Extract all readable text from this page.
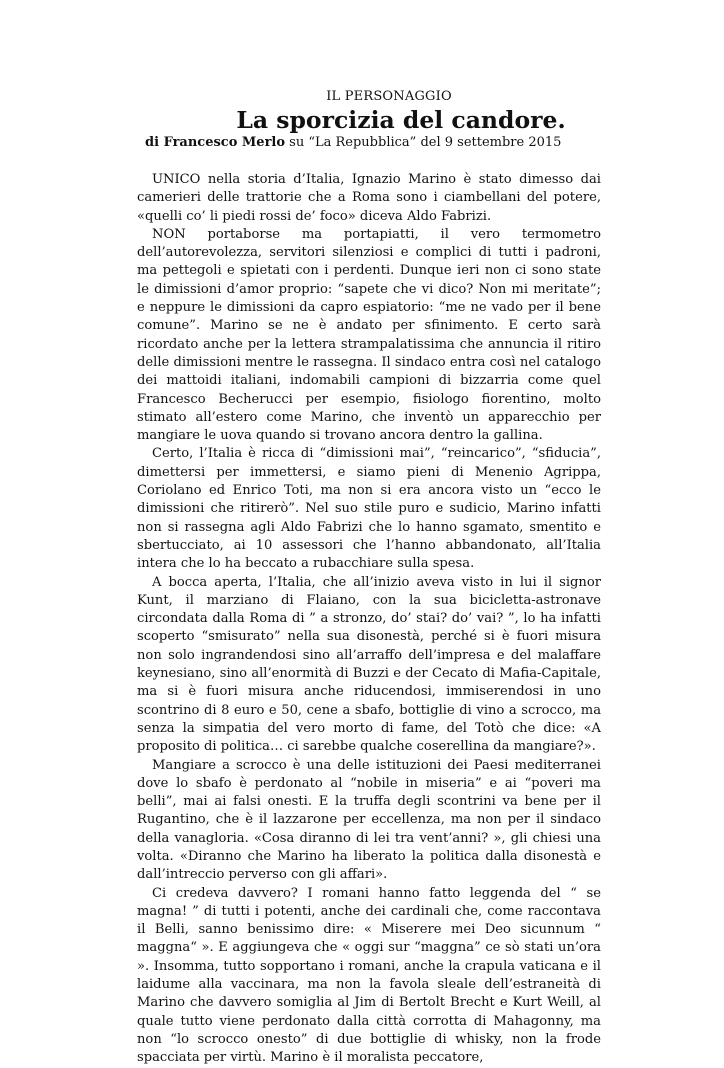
IL PERSONAGGIO
La sporcizia del candore.
di Francesco Merlo su “La Repubblica” del 9 settembre 2015

UNICO nella storia d’Italia, Ignazio Marino è stato dimesso dai camerieri delle trattorie che a Roma sono i ciambellani del potere, «quelli co’ li piedi rossi de’ foco» diceva Aldo Fabrizi.

NON portaborse ma portapiatti, il vero termometro dell’autorevolezza, servitori silenziosi e complici di tutti i padroni, ma pettegoli e spietati con i perdenti. Dunque ieri non ci sono state le dimissioni d’amor proprio: “sapete che vi dico? Non mi meritate”; e neppure le dimissioni da capro espiatorio: “me ne vado per il bene comune”. Marino se ne è andato per sfinimento. E certo sarà ricordato anche per la lettera strampalatissima che annuncia il ritiro delle dimissioni mentre le rassegna. Il sindaco entra così nel catalogo dei mattoidi italiani, indomabili campioni di bizzarria come quel Francesco Becherucci per esempio, fisiologo fiorentino, molto stimato all’estero come Marino, che inventò un apparecchio per mangiare le uova quando si trovano ancora dentro la gallina.

Certo, l’Italia è ricca di “dimissioni mai”, “reincarico”, “sfiducia”, dimettersi per immettersi, e siamo pieni di Menenio Agrippa, Coriolano ed Enrico Toti, ma non si era ancora visto un “ecco le dimissioni che ritirerò”. Nel suo stile puro e sudicio, Marino infatti non si rassegna agli Aldo Fabrizi che lo hanno sgamato, smentito e sbertucciato, ai 10 assessori che l’hanno abbandonato, all’Italia intera che lo ha beccato a rubacchiare sulla spesa.

A bocca aperta, l’Italia, che all’inizio aveva visto in lui il signor Kunt, il marziano di Flaiano, con la sua bicicletta-astronave circondata dalla Roma di ” a stronzo, do’ stai? do’ vai? ”, lo ha infatti scoperto “smisurato” nella sua disonestà, perché si è fuori misura non solo ingrandendosi sino all’arraffo dell’impresa e del malaffare keynesiano, sino all’enormità di Buzzi e der Cecato di Mafia-Capitale, ma si è fuori misura anche riducendosi, immiserendosi in uno scontrino di 8 euro e 50, cene a sbafo, bottiglie di vino a scrocco, ma senza la simpatia del vero morto di fame, del Totò che dice: «A proposito di politica… ci sarebbe qualche coserellina da mangiare?».

Mangiare a scrocco è una delle istituzioni dei Paesi mediterranei dove lo sbafo è perdonato al “nobile in miseria” e ai “poveri ma belli”, mai ai falsi onesti. E la truffa degli scontrini va bene per il Rugantino, che è il lazzarone per eccellenza, ma non per il sindaco della vanagloria. «Cosa diranno di lei tra vent’anni? », gli chiesi una volta. «Diranno che Marino ha liberato la politica dalla disonestà e dall’intreccio perverso con gli affari».

Ci credeva davvero? I romani hanno fatto leggenda del “ se magna! ” di tutti i potenti, anche dei cardinali che, come raccontava il Belli, sanno benissimo dire: « Miserere mei Deo sicunnum “ maggna“ ». E aggiungeva che « oggi sur “maggna” ce sò stati un’ora ». Insomma, tutto sopportano i romani, anche la crapula vaticana e il laidume alla vaccinara, ma non la favola sleale dell’estraneità di Marino che davvero somiglia al Jim di Bertolt Brecht e Kurt Weill, al quale tutto viene perdonato dalla città corrotta di Mahagonny, ma non “lo scrocco onesto” di due bottiglie di whisky, non la frode spacciata per virtù. Marino è il moralista peccatore,
